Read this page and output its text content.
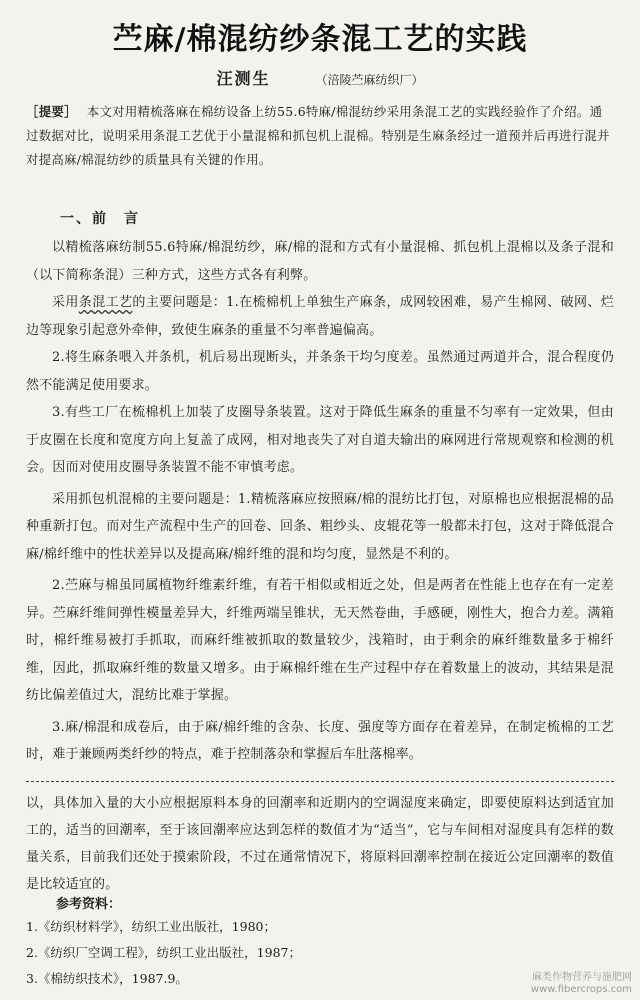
苎麻/棉混纺纱条混工艺的实践
汪测生	（涪陵苎麻纺织厂）
［提要］ 本文对用精梳落麻在棉纺设备上纺55.6特麻/棉混纺纱采用条混工艺的实践经验作了介绍。通过数据对比，说明采用条混工艺优于小量混棉和抓包机上混棉。特别是生麻条经过一道预并后再进行混并对提高麻/棉混纺纱的质量具有关键的作用。
一、前　言

以精梳落麻纺制55.6特麻/棉混纺纱，麻/棉的混和方式有小量混棉、抓包机上混棉以及条子混和（以下简称条混）三种方式，这些方式各有利弊。

采用条混工艺的主要问题是：1.在梳棉机上单独生产麻条，成网较困难，易产生棉网、破网、烂边等现象引起意外牵伸，致使生麻条的重量不匀率普遍偏高。

2.将生麻条喂入并条机，机后易出现断头，并条条干均匀度差。虽然通过两道并合，混合程度仍然不能满足使用要求。

3.有些工厂在梳棉机上加装了皮圈导条装置。这对于降低生麻条的重量不匀率有一定效果，但由于皮圈在长度和宽度方向上复盖了成网，相对地丧失了对自道夫输出的麻网进行常规观察和检测的机会。因而对使用皮圈导条装置不能不审慎考虑。

采用抓包机混棉的主要问题是：1.精梳落麻应按照麻/棉的混纺比打包，对原棉也应根据混棉的品种重新打包。而对生产流程中生产的回卷、回条、粗纱头、皮辊花等一般都未打包，这对于降低混合麻/棉纤维中的性状差异以及提高麻/棉纤维的混和均匀度，显然是不利的。

2.苎麻与棉虽同属植物纤维素纤维，有若干相似或相近之处，但是两者在性能上也存在有一定差异。苎麻纤维间弹性模量差异大，纤维两端呈锥状，无天然卷曲，手感硬，刚性大，抱合力差。满箱时，棉纤维易被打手抓取，而麻纤维被抓取的数量较少，浅箱时，由于剩余的麻纤维数量多于棉纤维，因此，抓取麻纤维的数量又增多。由于麻棉纤维在生产过程中存在着数量上的波动，其结果是混纺比偏差值过大，混纺比难于掌握。

3.麻/棉混和成卷后，由于麻/棉纤维的含杂、长度、强度等方面存在着差异，在制定梳棉的工艺时，难于兼顾两类纤纱的特点，难于控制落杂和掌握后车肚落棉率。

以，具体加入量的大小应根据原料本身的回潮率和近期内的空调湿度来确定，即要使原料达到适宜加工的，适当的回潮率，至于该回潮率应达到怎样的数值才为“适当”，它与车间相对湿度具有怎样的数量关系，目前我们还处于摸索阶段，不过在通常情况下，将原料回潮率控制在接近公定回潮率的数值是比较适宜的。
参考资料：
1.《纺织材料学》，纺织工业出版社，1980；
2.《纺织厂空调工程》，纺织工业出版社，1987；
3.《棉纺织技术》，1987.9。	麻类作物营养与施肥网
www.fibercrops.com
